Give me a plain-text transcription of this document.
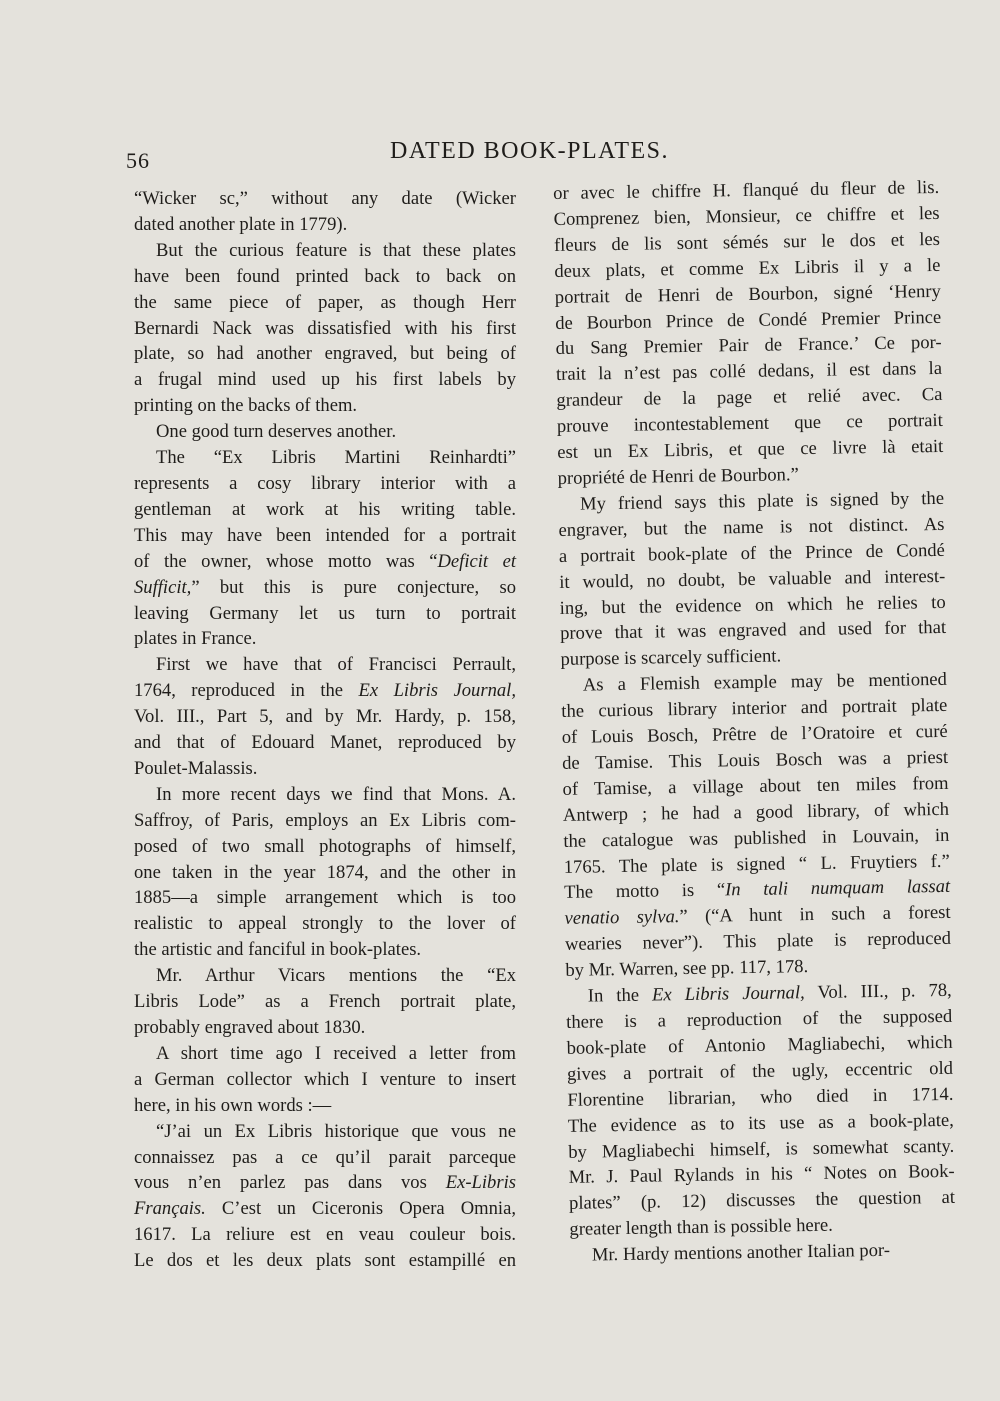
56	DATED BOOK-PLATES.
“Wicker sc,” without any date (Wicker
dated another plate in 1779).
But the curious feature is that these plates
have been found printed back to back on
the same piece of paper, as though Herr
Bernardi Nack was dissatisfied with his first
plate, so had another engraved, but being of
a frugal mind used up his first labels by
printing on the backs of them.
One good turn deserves another.
The “Ex Libris Martini Reinhardti”
represents a cosy library interior with a
gentleman at work at his writing table.
This may have been intended for a portrait
of the owner, whose motto was “Deficit et
Sufficit,” but this is pure conjecture, so
leaving Germany let us turn to portrait
plates in France.
First we have that of Francisci Perrault,
1764, reproduced in the Ex Libris Journal,
Vol. III., Part 5, and by Mr. Hardy, p. 158,
and that of Edouard Manet, reproduced by
Poulet-Malassis.
In more recent days we find that Mons. A.
Saffroy, of Paris, employs an Ex Libris com-
posed of two small photographs of himself,
one taken in the year 1874, and the other in
1885—a simple arrangement which is too
realistic to appeal strongly to the lover of
the artistic and fanciful in book-plates.
Mr. Arthur Vicars mentions the “Ex
Libris Lode” as a French portrait plate,
probably engraved about 1830.
A short time ago I received a letter from
a German collector which I venture to insert
here, in his own words :—
“J’ai un Ex Libris historique que vous ne
connaissez pas a ce qu’il parait parceque
vous n’en parlez pas dans vos Ex-Libris
Français. C’est un Ciceronis Opera Omnia,
1617. La reliure est en veau couleur bois.
Le dos et les deux plats sont estampillé en
or avec le chiffre H. flanqué du fleur de lis.
Comprenez bien, Monsieur, ce chiffre et les
fleurs de lis sont sémés sur le dos et les
deux plats, et comme Ex Libris il y a le
portrait de Henri de Bourbon, signé ‘Henry
de Bourbon Prince de Condé Premier Prince
du Sang Premier Pair de France.’ Ce por-
trait la n’est pas collé dedans, il est dans la
grandeur de la page et relié avec. Ca
prouve incontestablement que ce portrait
est un Ex Libris, et que ce livre là etait
propriété de Henri de Bourbon.”
My friend says this plate is signed by the
engraver, but the name is not distinct. As
a portrait book-plate of the Prince de Condé
it would, no doubt, be valuable and interest-
ing, but the evidence on which he relies to
prove that it was engraved and used for that
purpose is scarcely sufficient.
As a Flemish example may be mentioned
the curious library interior and portrait plate
of Louis Bosch, Prêtre de l’Oratoire et curé
de Tamise. This Louis Bosch was a priest
of Tamise, a village about ten miles from
Antwerp ; he had a good library, of which
the catalogue was published in Louvain, in
1765. The plate is signed “ L. Fruytiers f.”
The motto is “In tali numquam lassat
venatio sylva.” (“A hunt in such a forest
wearies never”). This plate is reproduced
by Mr. Warren, see pp. 117, 178.
In the Ex Libris Journal, Vol. III., p. 78,
there is a reproduction of the supposed
book-plate of Antonio Magliabechi, which
gives a portrait of the ugly, eccentric old
Florentine librarian, who died in 1714.
The evidence as to its use as a book-plate,
by Magliabechi himself, is somewhat scanty.
Mr. J. Paul Rylands in his “ Notes on Book-
plates” (p. 12) discusses the question at
greater length than is possible here.
Mr. Hardy mentions another Italian por-
